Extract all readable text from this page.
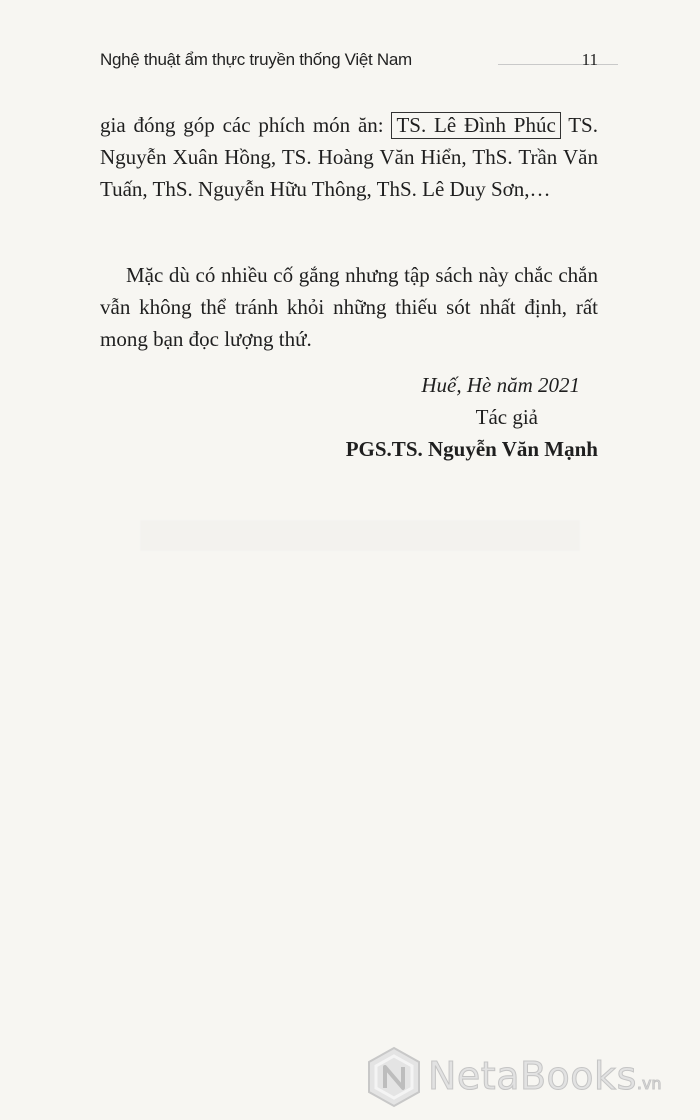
Nghệ thuật ẩm thực truyền thống Việt Nam	11
gia đóng góp các phích món ăn: TS. Lê Đình Phúc TS. Nguyễn Xuân Hồng, TS. Hoàng Văn Hiển, ThS. Trần Văn Tuấn, ThS. Nguyễn Hữu Thông, ThS. Lê Duy Sơn,…
Mặc dù có nhiều cố gắng nhưng tập sách này chắc chắn vẫn không thể tránh khỏi những thiếu sót nhất định, rất mong bạn đọc lượng thứ.
Huế, Hè năm 2021
Tác giả
PGS.TS. Nguyễn Văn Mạnh
NetaBooks.vn
